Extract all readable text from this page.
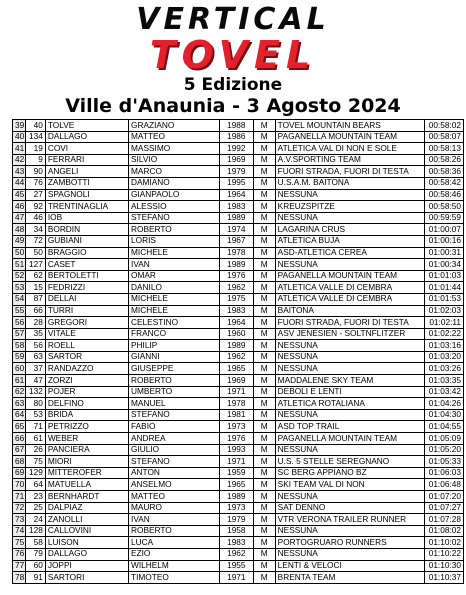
VERTICAL
TOVEL
5 Edizione
Ville d'Anaunia - 3 Agosto 2024
39	40	TOLVE	GRAZIANO	1988	M	TOVEL MOUNTAIN BEARS	00:58:02
40	134	DALLAGO	MATTEO	1986	M	PAGANELLA MOUNTAIN TEAM	00:58:07
41	19	COVI	MASSIMO	1992	M	ATLETICA VAL DI NON E SOLE	00:58:13
42	9	FERRARI	SILVIO	1969	M	A.V.SPORTING TEAM	00:58:26
43	90	ANGELI	MARCO	1979	M	FUORI STRADA, FUORI DI TESTA	00:58:36
44	76	ZAMBOTTI	DAMIANO	1995	M	U.S.A.M. BAITONA	00:58:42
45	27	SPAGNOLI	GIANPAOLO	1964	M	NESSUNA	00:58:46
46	92	TRENTINAGLIA	ALESSIO	1983	M	KREUZSPITZE	00:58:50
47	46	IOB	STEFANO	1989	M	NESSUNA	00:59:59
48	34	BORDIN	ROBERTO	1974	M	LAGARINA CRUS	01:00:07
49	72	GUBIANI	LORIS	1967	M	ATLETICA BUJA	01:00:16
50	50	BRAGGIO	MICHELE	1978	M	ASD-ATLETICA CEREA	01:00:31
51	127	CASET	IVAN	1989	M	NESSUNA	01:00:34
52	62	BERTOLETTI	OMAR	1976	M	PAGANELLA MOUNTAIN TEAM	01:01:03
53	15	FEDRIZZI	DANILO	1962	M	ATLETICA VALLE DI CEMBRA	01:01:44
54	87	DELLAI	MICHELE	1975	M	ATLETICA VALLE DI CEMBRA	01:01:53
55	66	TURRI	MICHELE	1983	M	BAITONA	01:02:03
56	28	GREGORI	CELESTINO	1964	M	FUORI STRADA, FUORI DI TESTA	01:02:11
57	35	VITALE	FRANCO	1960	M	ASV JENESIEN - SOLTNFLITZER	01:02:22
58	56	ROELL	PHILIP	1989	M	NESSUNA	01:03:16
59	63	SARTOR	GIANNI	1962	M	NESSUNA	01:03:20
60	37	RANDAZZO	GIUSEPPE	1965	M	NESSUNA	01:03:26
61	47	ZORZI	ROBERTO	1969	M	MADDALENE SKY TEAM	01:03:35
62	132	POJER	UMBERTO	1971	M	DEBOLI E LENTI	01:03:42
63	80	DELFINO	MANUEL	1978	M	ATLETICA ROTALIANA	01:04:26
64	53	BRIDA	STEFANO	1981	M	NESSUNA	01:04:30
65	71	PETRIZZO	FABIO	1973	M	ASD TOP TRAIL	01:04:55
66	61	WEBER	ANDREA	1976	M	PAGANELLA MOUNTAIN TEAM	01:05:09
67	26	PANCIERA	GIULIO	1993	M	NESSUNA	01:05:20
68	75	MIORI	STEFANO	1971	M	U.S. 5 STELLE SEREGNANO	01:05:33
69	129	MITTEROFER	ANTON	1959	M	SC BERG APPIANO BZ	01:06:03
70	64	MATUELLA	ANSELMO	1965	M	SKI TEAM VAL DI NON	01:06:48
71	23	BERNHARDT	MATTEO	1989	M	NESSUNA	01:07:20
72	25	DALPIAZ	MAURO	1973	M	SAT DENNO	01:07:27
73	24	ZANOLLI	IVAN	1979	M	VTR VERONA TRAILER RUNNER	01:07:28
74	128	CALLOVINI	ROBERTO	1958	M	NESSUNA	01:08:02
75	58	LUISON	LUCA	1983	M	PORTOGRUARO RUNNERS	01:10:02
76	79	DALLAGO	EZIO	1962	M	NESSUNA	01:10:22
77	60	JOPPI	WILHELM	1955	M	LENTI & VELOCI	01:10:30
78	91	SARTORI	TIMOTEO	1971	M	BRENTA TEAM	01:10:37
